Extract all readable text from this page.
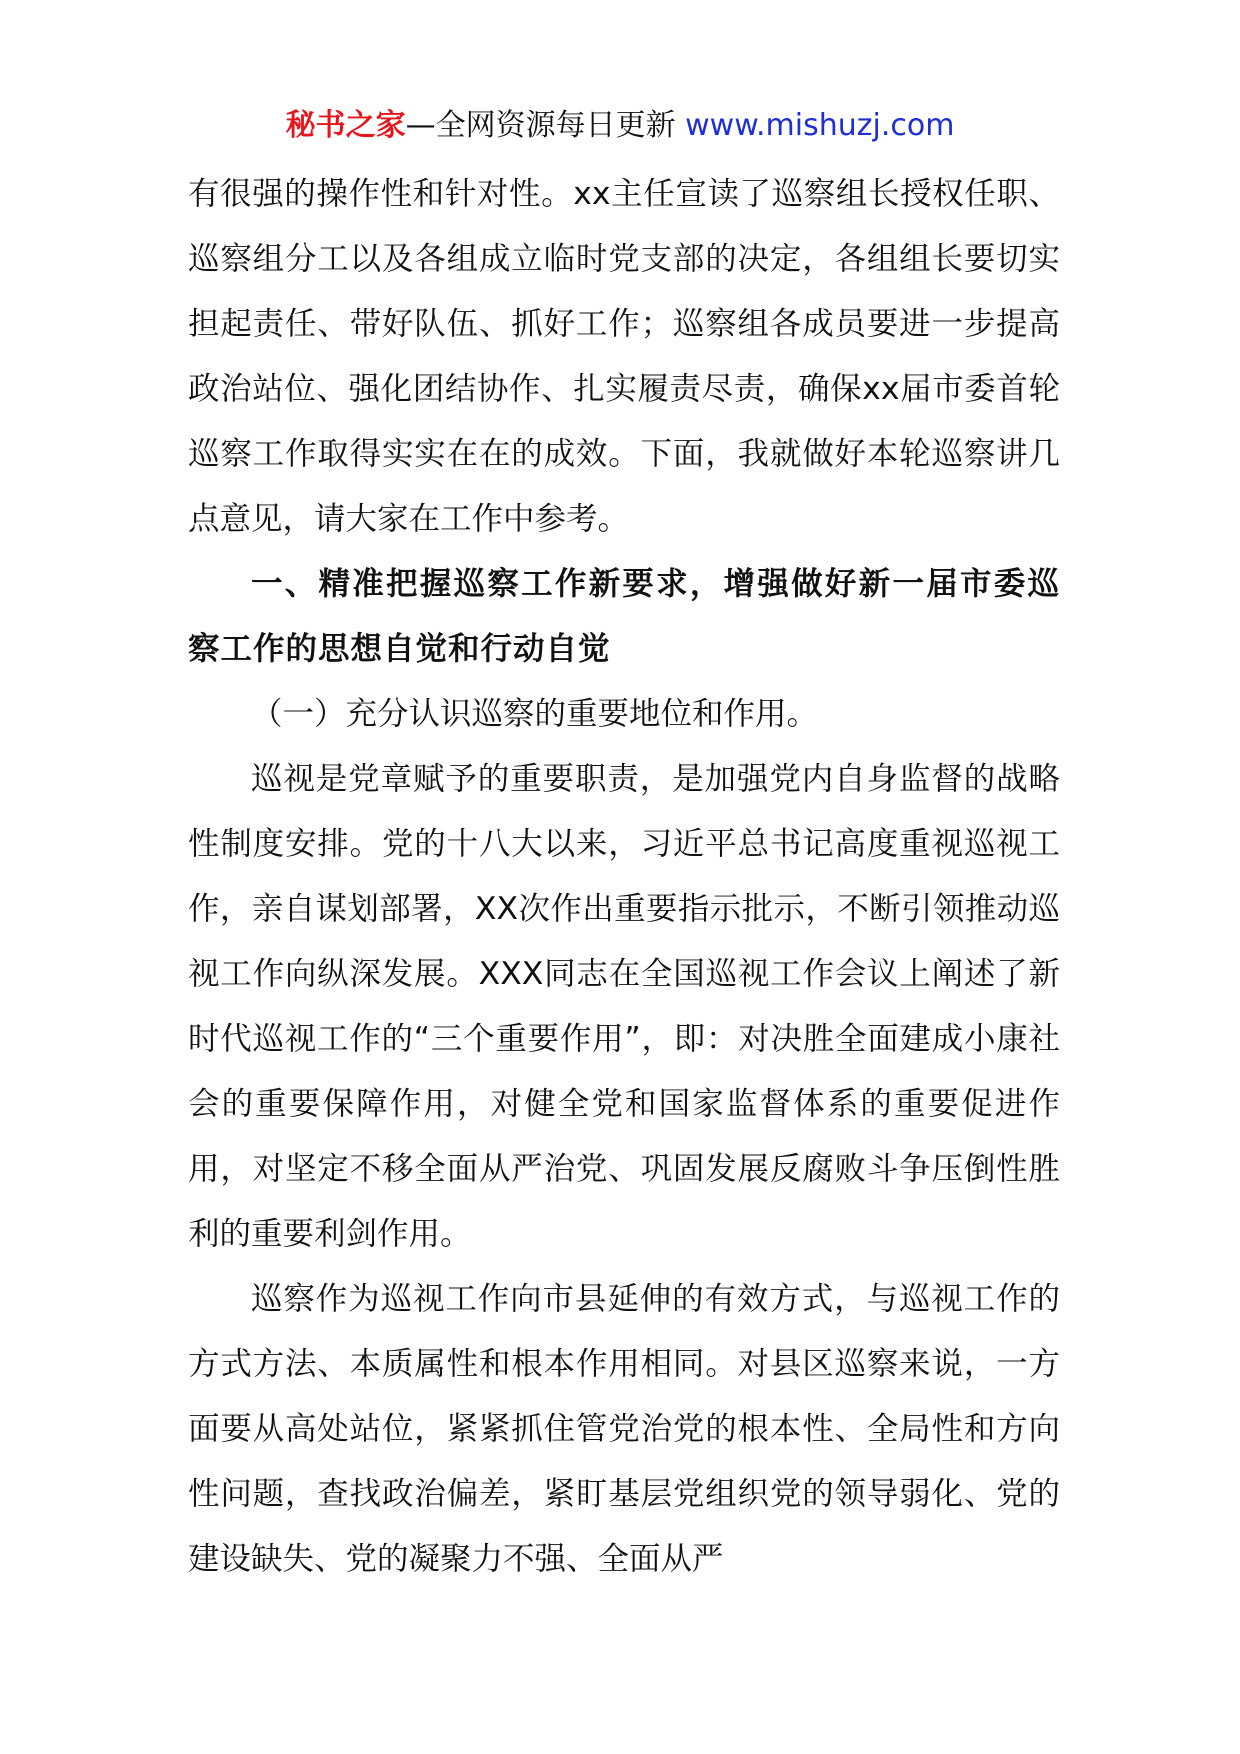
秘书之家—全网资源每日更新 www.mishuzj.com

有很强的操作性和针对性。xx主任宣读了巡察组长授权任职、巡察组分工以及各组成立临时党支部的决定，各组组长要切实担起责任、带好队伍、抓好工作；巡察组各成员要进一步提高政治站位、强化团结协作、扎实履责尽责，确保xx届市委首轮巡察工作取得实实在在的成效。下面，我就做好本轮巡察讲几点意见，请大家在工作中参考。

一、精准把握巡察工作新要求，增强做好新一届市委巡察工作的思想自觉和行动自觉

（一）充分认识巡察的重要地位和作用。

巡视是党章赋予的重要职责，是加强党内自身监督的战略性制度安排。党的十八大以来，习近平总书记高度重视巡视工作，亲自谋划部署，XX次作出重要指示批示，不断引领推动巡视工作向纵深发展。XXX同志在全国巡视工作会议上阐述了新时代巡视工作的“三个重要作用”，即：对决胜全面建成小康社会的重要保障作用，对健全党和国家监督体系的重要促进作用，对坚定不移全面从严治党、巩固发展反腐败斗争压倒性胜利的重要利剑作用。

巡察作为巡视工作向市县延伸的有效方式，与巡视工作的方式方法、本质属性和根本作用相同。对县区巡察来说，一方面要从高处站位，紧紧抓住管党治党的根本性、全局性和方向性问题，查找政治偏差，紧盯基层党组织党的领导弱化、党的建设缺失、党的凝聚力不强、全面从严
